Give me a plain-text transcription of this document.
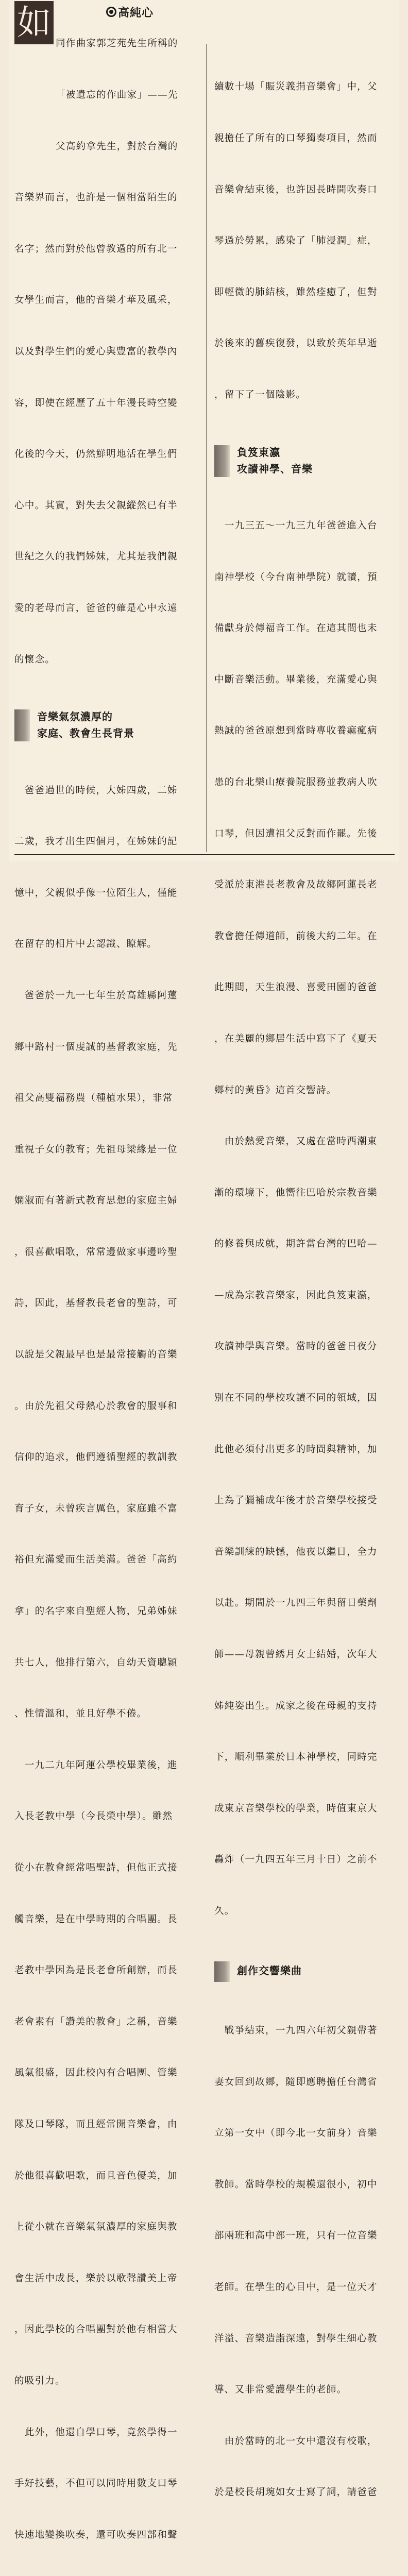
如

同作曲家郭芝苑先生所稱的

「被遺忘的作曲家」——先

父高約拿先生，對於台灣的

音樂界而言，也許是一個相當陌生的

名字；然而對於他曾教過的所有北一

女學生而言，他的音樂才華及風采，

以及對學生們的愛心與豐富的教學內

容，即使在經歷了五十年漫長時空變

化後的今天，仍然鮮明地活在學生們

心中。其實，對失去父親縱然已有半

世紀之久的我們姊妹，尤其是我們親

愛的老母而言，爸爸的確是心中永遠

的懷念。

音樂氣氛濃厚的
家庭、教會生長背景

　爸爸過世的時候，大姊四歲，二姊

二歲，我才出生四個月，在姊妹的記

憶中，父親似乎像一位陌生人，僅能

在留存的相片中去認識、瞭解。

　爸爸於一九一七年生於高雄縣阿蓮

鄉中路村一個虔誠的基督教家庭，先

祖父高雙福務農（種植水果），非常

重視子女的教育；先祖母梁緣是一位

嫻淑而有著新式教育思想的家庭主婦

，很喜歡唱歌，常常邊做家事邊吟聖

詩，因此，基督教長老會的聖詩，可

以說是父親最早也是最常接觸的音樂

。由於先祖父母熱心於教會的服事和

信仰的追求，他們遵循聖經的教訓教

育子女，未曾疾言厲色，家庭雖不富

裕但充滿愛而生活美滿。爸爸「高約

拿」的名字來自聖經人物，兄弟姊妹

共七人，他排行第六，自幼天資聰穎

、性情溫和，並且好學不倦。

　一九二九年阿蓮公學校畢業後，進

入長老教中學（今長榮中學）。雖然

從小在教會經常唱聖詩，但他正式接

觸音樂，是在中學時期的合唱團。長

老教中學因為是長老會所創辦，而長

老會素有「讚美的教會」之稱，音樂

風氣很盛，因此校內有合唱團、管樂

隊及口琴隊，而且經常開音樂會，由

於他很喜歡唱歌，而且音色優美，加

上從小就在音樂氣氛濃厚的家庭與教

會生活中成長，樂於以歌聲讚美上帝

，因此學校的合唱團對於他有相當大

的吸引力。

　此外，他還自學口琴，竟然學得一

手好技藝，不但可以同時用數支口琴

快速地變換吹奏，還可吹奏四部和聲

高純心

續數十場「賑災義捐音樂會」中，父

親擔任了所有的口琴獨奏項目，然而

音樂會結束後，也許因長時間吹奏口

琴過於勞累，感染了「肺浸潤」症，

即輕微的肺結核，雖然痊癒了，但對

於後來的舊疾復發，以致於英年早逝

，留下了一個陰影。

負笈東瀛
攻讀神學、音樂

　一九三五～一九三九年爸爸進入台

南神學校（今台南神學院）就讀，預

備獻身於傳福音工作。在這其間也未

中斷音樂活動。畢業後，充滿愛心與

熱誠的爸爸原想到當時專收養痲瘋病

患的台北樂山療養院服務並教病人吹

口琴，但因遭祖父反對而作罷。先後

受派於東港長老教會及故鄉阿蓮長老

教會擔任傳道師，前後大約二年。在

此期間，天生浪漫、喜愛田園的爸爸

，在美麗的鄉居生活中寫下了《夏天

鄉村的黃昏》這首交響詩。

　由於熱愛音樂，又處在當時西潮東

漸的環境下，他嚮往巴哈於宗教音樂

的修養與成就，期許當台灣的巴哈—

—成為宗教音樂家，因此負笈東瀛，

攻讀神學與音樂。當時的爸爸日夜分

別在不同的學校攻讀不同的領域，因

此他必須付出更多的時間與精神，加

上為了彌補成年後才於音樂學校接受

音樂訓練的缺憾，他夜以繼日，全力

以赴。期間於一九四三年與留日藥劑

師——母親曾綉月女士結婚，次年大

姊純姿出生。成家之後在母親的支持

下，順利畢業於日本神學校，同時完

成東京音樂學校的學業，時值東京大

轟炸（一九四五年三月十日）之前不

久。

創作交響樂曲

　戰爭結束，一九四六年初父親帶著

妻女回到故鄉，隨即應聘擔任台灣省

立第一女中（即今北一女前身）音樂

教師。當時學校的規模還很小，初中

部兩班和高中部一班，只有一位音樂

老師。在學生的心目中，是一位天才

洋溢、音樂造詣深遠，對學生細心教

導、又非常愛護學生的老師。

　由於當時的北一女中還沒有校歌，

於是校長胡琬如女士寫了詞，請爸爸
